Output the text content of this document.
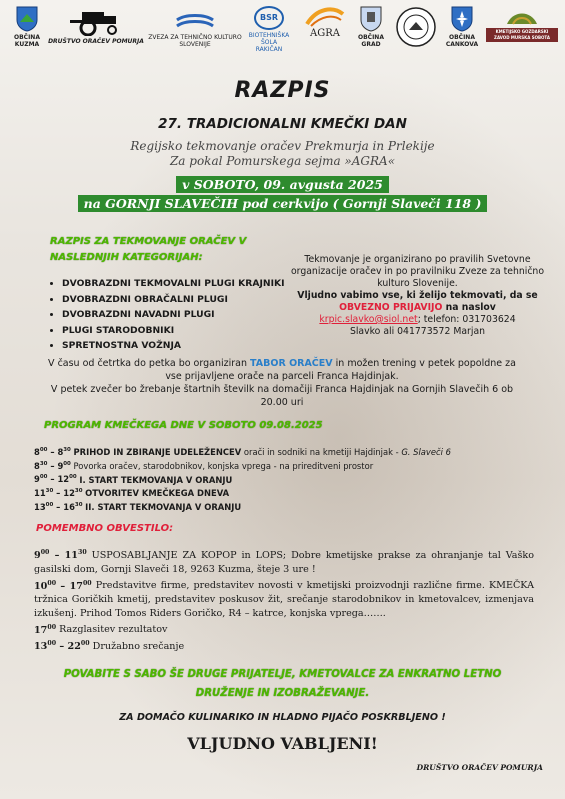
OBČINA KUZMA	DRUŠTVO ORAČEV POMURJA
ZVEZA ZA TEHNIČNO KULTURO SLOVENIJE
BSR
BIOTEHNIŠKA ŠOLA RAKIČAN
AGRA	OBČINA GRAD
OBČINA CANKOVA
KMETIJSKO GOZDARSKI ZAVOD MURSKA SOBOTA
RAZPIS
27. TRADICIONALNI KMEČKI DAN
Regijsko tekmovanje oračev Prekmurja in Prlekije
Za pokal Pomurskega sejma »AGRA«
v SOBOTO, 09. avgusta 2025
na GORNJI SLAVEČIH pod cerkvijo ( Gornji Slaveči 118 )
RAZPIS ZA TEKMOVANJE ORAČEV V
NASLEDNJIH KATEGORIJAH:
• DVOBRAZDNI TEKMOVALNI PLUGI KRAJNIKI
• DVOBRAZDNI OBRAČALNI PLUGI
• DVOBRAZDNI NAVADNI PLUGI
• PLUGI STARODOBNIKI
• SPRETNOSTNA VOŽNJA
Tekmovanje je organizirano po pravilih Svetovne organizacije oračev in po pravilniku Zveze za tehnično kulturo Slovenije.
Vljudno vabimo vse, ki želijo tekmovati, da se OBVEZNO PRIJAVIJO na naslov
krpic.slavko@siol.net; telefon: 031703624
Slavko ali 041773572 Marjan
V času od četrtka do petka bo organiziran TABOR ORAČEV in možen trening v petek popoldne za vse prijavljene orače na parceli Franca Hajdinjak.
V petek zvečer bo žrebanje štartnih številk na domačiji Franca Hajdinjak na Gornjih Slavečih 6 ob 20.00 uri
PROGRAM KMEČKEGA DNE V SOBOTO 09.08.2025
$8^{00} - 8^{30}$ PRIHOD IN ZBIRANJE UDELEŽENCEV orači in sodniki na kmetiji Hajdinjak - G. Slaveči 6
$8^{30} - 9^{00}$ Povorka oračev, starodobnikov, konjska vprega - na prireditveni prostor
$9^{00} - 12^{00}$ I. START TEKMOVANJA V ORANJU
$11^{30} - 12^{30}$ OTVORITEV KMEČKEGA DNEVA
$13^{00} - 16^{30}$ II. START TEKMOVANJA V ORANJU
POMEMBNO OBVESTILO:
$9^{00} - 11^{30}$ USPOSABLJANJE ZA KOPOP in LOPS; Dobre kmetijske prakse za ohranjanje tal Vaško gasilski dom, Gornji Slaveči 18, 9263 Kuzma, šteje 3 ure !
$10^{00} - 17^{00}$ Predstavitve firme, predstavitev novosti v kmetijski proizvodnji različne firme. KMEČKA tržnica Goričkih kmetij, predstavitev poskusov žit, srečanje starodobnikov in kmetovalcev, izmenjava izkušenj. Prihod Tomos Riders Goričko, R4 – katrce, konjska vprega…….
$17^{00}$ Razglasitev rezultatov
$13^{00} - 22^{00}$ Družabno srečanje
POVABITE S SABO ŠE DRUGE PRIJATELJE, KMETOVALCE ZA ENKRATNO LETNO
DRUŽENJE IN IZOBRAŽEVANJE.
ZA DOMAČO KULINARIKO IN HLADNO PIJAČO POSKRBLJENO !
VLJUDNO VABLJENI!
DRUŠTVO ORAČEV POMURJA
